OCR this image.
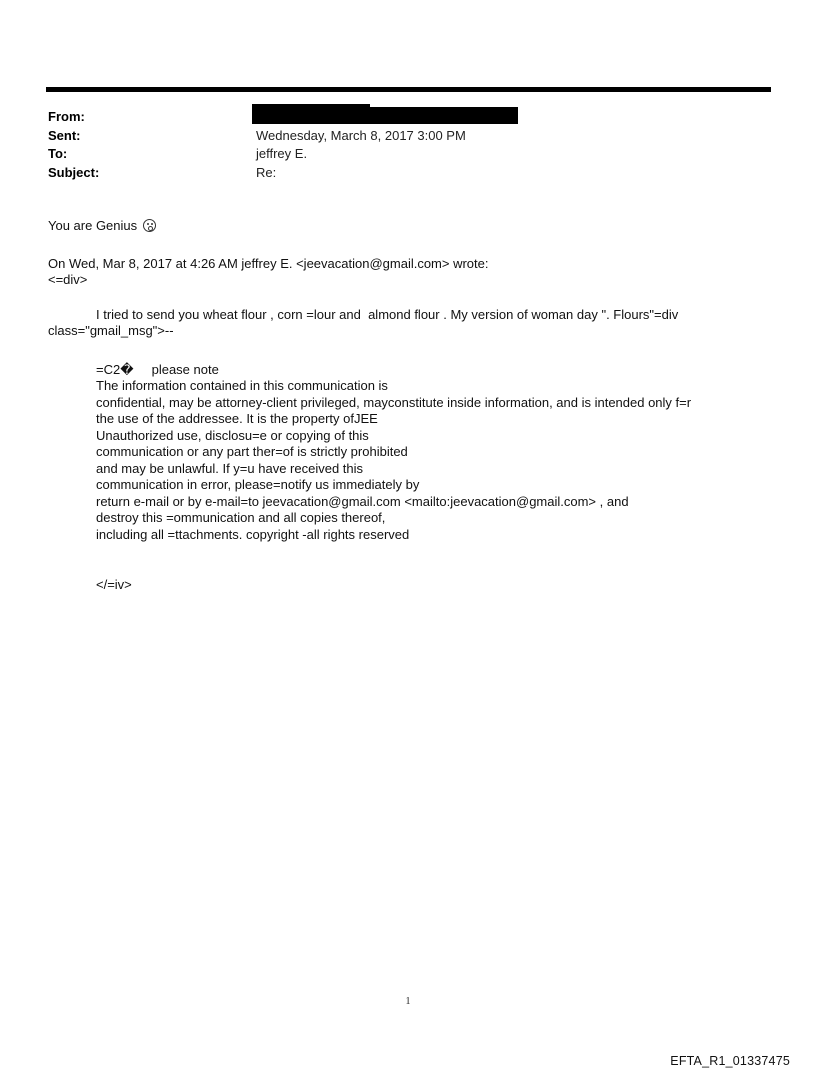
From:
Sent:	Wednesday, March 8, 2017 3:00 PM
To:	jeffrey E.
Subject:	Re:
You are Genius
On Wed, Mar 8, 2017 at 4:26 AM jeffrey E. <jeevacation@gmail.com> wrote:
<=div>
I tried to send you wheat flour , corn =lour and  almond flour . My version of woman day ". Flours"=div
class="gmail_msg">--
=C2�     please note
The information contained in this communication is
confidential, may be attorney-client privileged, mayconstitute inside information, and is intended only f=r
the use of the addressee. It is the property ofJEE
Unauthorized use, disclosu=e or copying of this
communication or any part ther=of is strictly prohibited
and may be unlawful. If y=u have received this
communication in error, please=notify us immediately by
return e-mail or by e-mail=to jeevacation@gmail.com <mailto:jeevacation@gmail.com> , and
destroy this =ommunication and all copies thereof,
including all =ttachments. copyright -all rights reserved
</=iv>
1
EFTA_R1_01337475
